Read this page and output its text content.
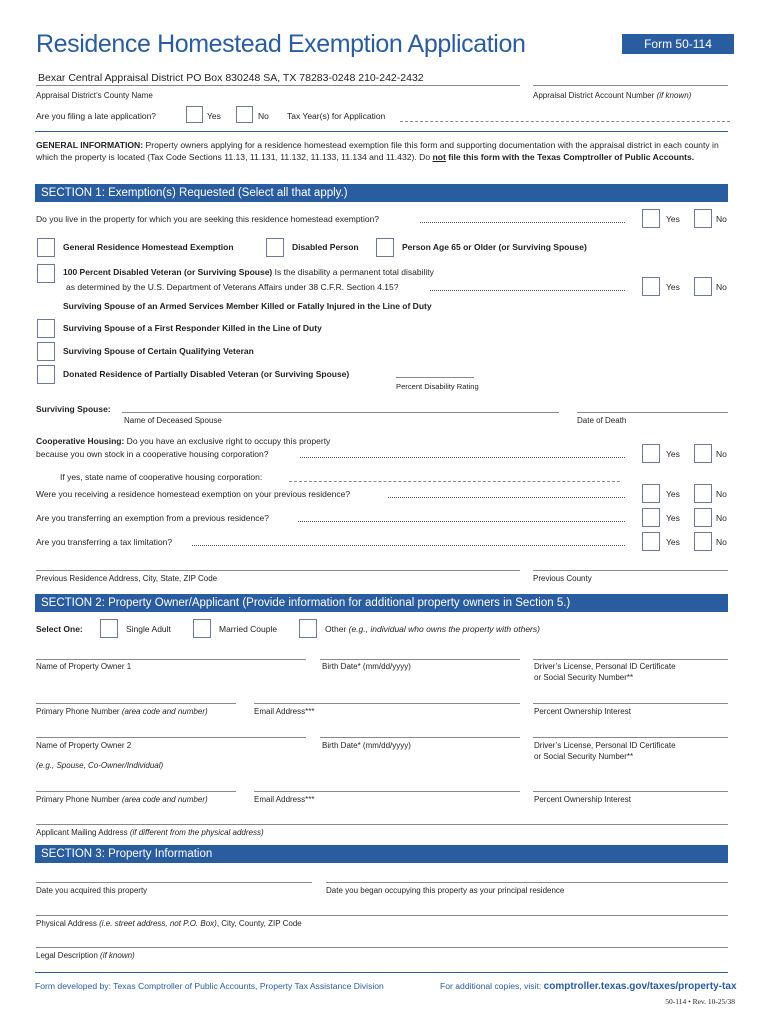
Residence Homestead Exemption Application	Form 50-114
Bexar Central Appraisal District PO Box 830248 SA, TX 78283-0248 210-242-2432
Appraisal District’s County Name	Appraisal District Account Number (if known)
Are you filing a late application?	Yes	No Tax Year(s) for Application
GENERAL INFORMATION: Property owners applying for a residence homestead exemption file this form and supporting documentation with the appraisal district in each county in which the property is located (Tax Code Sections 11.13, 11.131, 11.132, 11.133, 11.134 and 11.432). Do not file this form with the Texas Comptroller of Public Accounts.
SECTION 1: Exemption(s) Requested (Select all that apply.)
Do you live in the property for which you are seeking this residence homestead exemption?	Yes	No
General Residence Homestead Exemption	Disabled Person	Person Age 65 or Older (or Surviving Spouse)
100 Percent Disabled Veteran (or Surviving Spouse) Is the disability a permanent total disability
as determined by the U.S. Department of Veterans Affairs under 38 C.F.R. Section 4.15?	Yes	No
Surviving Spouse of an Armed Services Member Killed or Fatally Injured in the Line of Duty
Surviving Spouse of a First Responder Killed in the Line of Duty
Surviving Spouse of Certain Qualifying Veteran
Donated Residence of Partially Disabled Veteran (or Surviving Spouse)
Percent Disability Rating
Surviving Spouse:
Name of Deceased Spouse	Date of Death
Cooperative Housing: Do you have an exclusive right to occupy this property
because you own stock in a cooperative housing corporation?	Yes	No
If yes, state name of cooperative housing corporation:
Were you receiving a residence homestead exemption on your previous residence?	Yes	No
Are you transferring an exemption from a previous residence?	Yes	No
Are you transferring a tax limitation?	Yes	No
Previous Residence Address, City, State, ZIP Code	Previous County
SECTION 2: Property Owner/Applicant (Provide information for additional property owners in Section 5.)
Select One:	Single Adult	Married Couple	Other (e.g., individual who owns the property with others)
Name of Property Owner 1	Birth Date* (mm/dd/yyyy)	Driver’s License, Personal ID Certificate
or Social Security Number**
Primary Phone Number (area code and number)	Email Address***	Percent Ownership Interest
Name of Property Owner 2	Birth Date* (mm/dd/yyyy)	Driver’s License, Personal ID Certificate
or Social Security Number**
(e.g., Spouse, Co-Owner/Individual)
Primary Phone Number (area code and number)	Email Address***	Percent Ownership Interest
Applicant Mailing Address (if different from the physical address)
SECTION 3: Property Information
Date you acquired this property	Date you began occupying this property as your principal residence
Physical Address (i.e. street address, not P.O. Box), City, County, ZIP Code
Legal Description (if known)
Form developed by: Texas Comptroller of Public Accounts, Property Tax Assistance Division	For additional copies, visit: comptroller.texas.gov/taxes/property-tax
50-114 • Rev. 10-25/38
